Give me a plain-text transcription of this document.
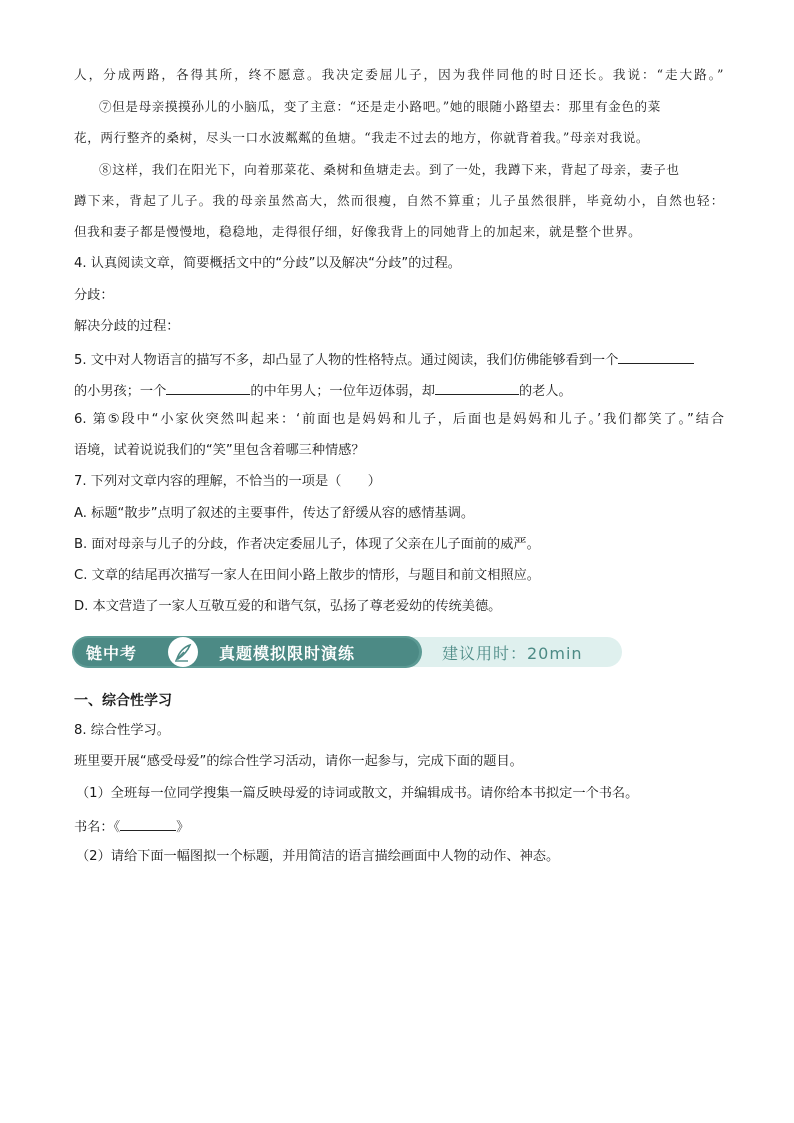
人，分成两路，各得其所，终不愿意。我决定委屈儿子，因为我伴同他的时日还长。我说：“走大路。”
⑦但是母亲摸摸孙儿的小脑瓜，变了主意：“还是走小路吧。”她的眼随小路望去：那里有金色的菜
花，两行整齐的桑树，尽头一口水波粼粼的鱼塘。“我走不过去的地方，你就背着我。”母亲对我说。
⑧这样，我们在阳光下，向着那菜花、桑树和鱼塘走去。到了一处，我蹲下来，背起了母亲，妻子也
蹲下来，背起了儿子。我的母亲虽然高大，然而很瘦，自然不算重；儿子虽然很胖，毕竟幼小，自然也轻：
但我和妻子都是慢慢地，稳稳地，走得很仔细，好像我背上的同她背上的加起来，就是整个世界。
4. 认真阅读文章，简要概括文中的“分歧”以及解决“分歧”的过程。
分歧：
解决分歧的过程：
5. 文中对人物语言的描写不多，却凸显了人物的性格特点。通过阅读，我们仿佛能够看到一个
的小男孩；一个	的中年男人；一位年迈体弱，却	的老人。
6. 第⑤段中“小家伙突然叫起来：‘前面也是妈妈和儿子，后面也是妈妈和儿子。’我们都笑了。”结合
语境，试着说说我们的“笑”里包含着哪三种情感？
7. 下列对文章内容的理解，不恰当的一项是（　　）
A. 标题“散步”点明了叙述的主要事件，传达了舒缓从容的感情基调。
B. 面对母亲与儿子的分歧，作者决定委屈儿子，体现了父亲在儿子面前的威严。
C. 文章的结尾再次描写一家人在田间小路上散步的情形，与题目和前文相照应。
D. 本文营造了一家人互敬互爱的和谐气氛，弘扬了尊老爱幼的传统美德。
链中考	真题模拟限时演练	建议用时：20min
一、综合性学习
8. 综合性学习。
班里要开展“感受母爱”的综合性学习活动，请你一起参与，完成下面的题目。
（1）全班每一位同学搜集一篇反映母爱的诗词或散文，并编辑成书。请你给本书拟定一个书名。
书名：《	》
（2）请给下面一幅图拟一个标题，并用简洁的语言描绘画面中人物的动作、神态。
